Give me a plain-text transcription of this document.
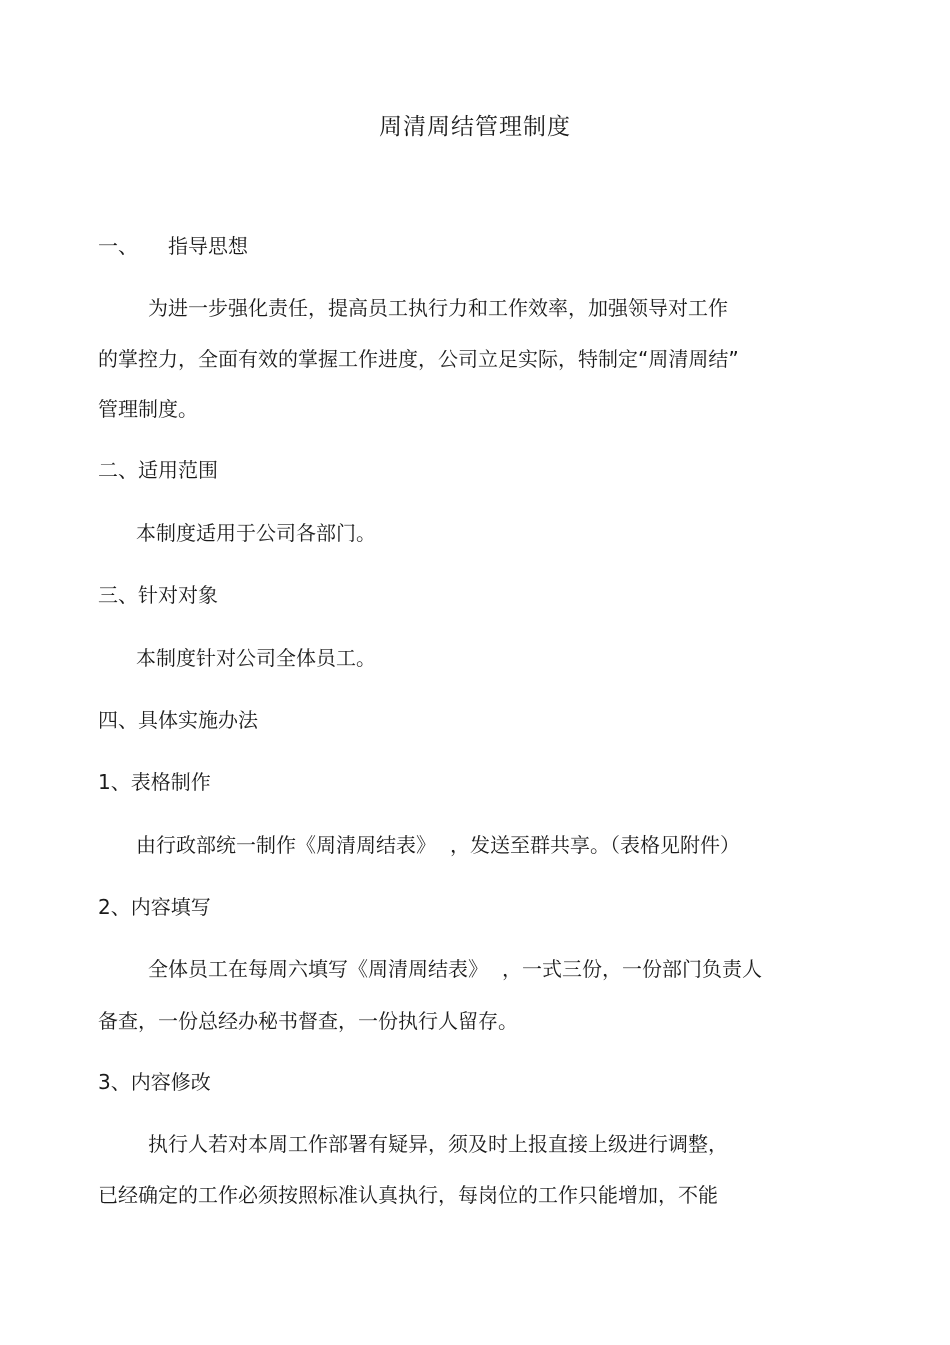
周清周结管理制度
一、 指导思想
为进一步强化责任，提高员工执行力和工作效率，加强领导对工作
的掌控力，全面有效的掌握工作进度，公司立足实际，特制定“周清周结”
管理制度。
二、适用范围
本制度适用于公司各部门。
三、针对对象
本制度针对公司全体员工。
四、具体实施办法
1、表格制作
由行政部统一制作《周清周结表》 ，发送至群共享。（表格见附件）
2、内容填写
全体员工在每周六填写《周清周结表》 ，一式三份，一份部门负责人
备查，一份总经办秘书督查，一份执行人留存。
3、内容修改
执行人若对本周工作部署有疑异，须及时上报直接上级进行调整，
已经确定的工作必须按照标准认真执行，每岗位的工作只能增加，不能
